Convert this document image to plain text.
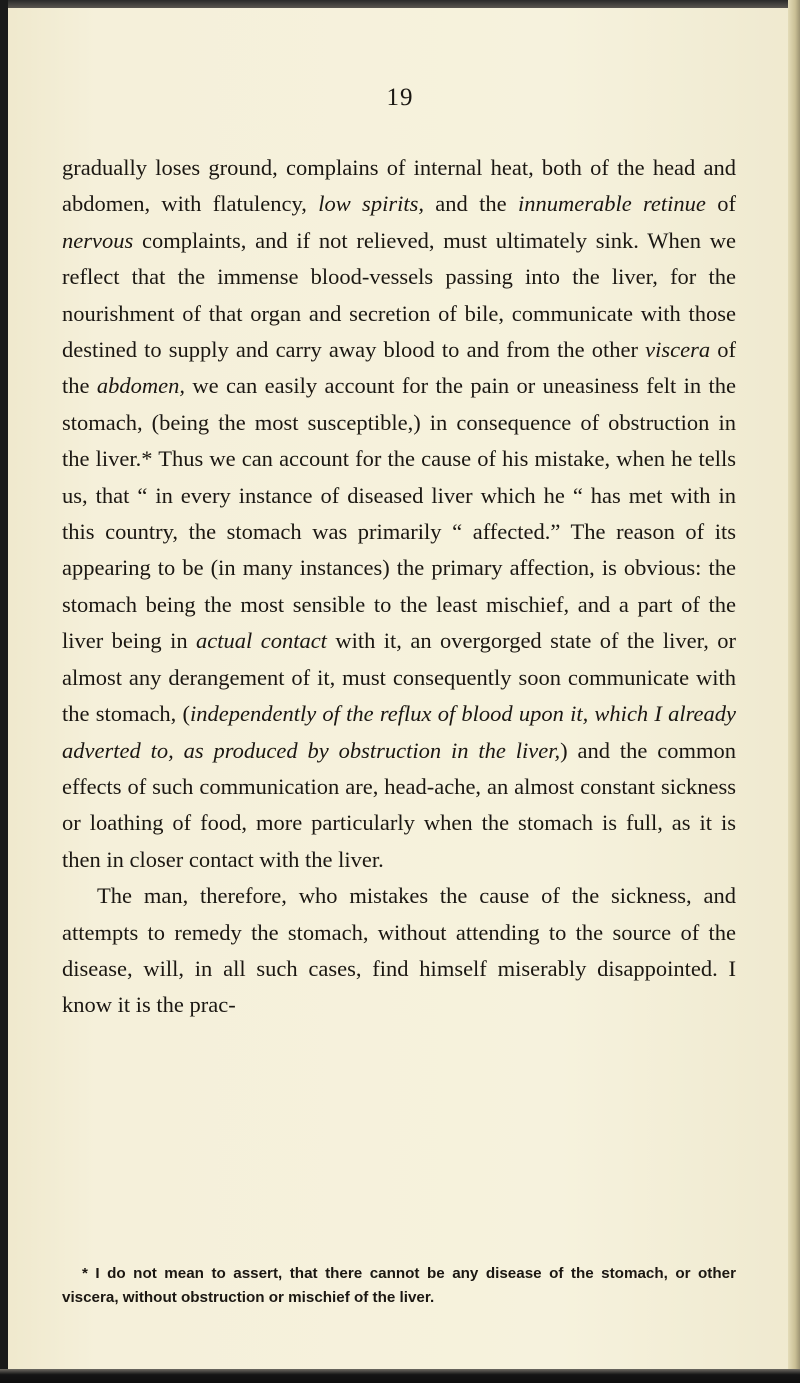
19

gradually loses ground, complains of internal heat, both of the head and abdomen, with flatulency, low spirits, and the innumerable retinue of nervous complaints, and if not relieved, must ultimately sink. When we reflect that the immense blood-vessels passing into the liver, for the nourishment of that organ and secretion of bile, communicate with those destined to supply and carry away blood to and from the other viscera of the abdomen, we can easily account for the pain or uneasiness felt in the stomach, (being the most susceptible,) in consequence of obstruction in the liver.* Thus we can account for the cause of his mistake, when he tells us, that “ in every instance of diseased liver which he “ has met with in this country, the stomach was primarily “ affected.” The reason of its appearing to be (in many instances) the primary affection, is obvious: the stomach being the most sensible to the least mischief, and a part of the liver being in actual contact with it, an overgorged state of the liver, or almost any derangement of it, must consequently soon communicate with the stomach, (independently of the reflux of blood upon it, which I already adverted to, as produced by obstruction in the liver,) and the common effects of such communication are, head-ache, an almost constant sickness or loathing of food, more particularly when the stomach is full, as it is then in closer contact with the liver.

The man, therefore, who mistakes the cause of the sickness, and attempts to remedy the stomach, without attending to the source of the disease, will, in all such cases, find himself miserably disappointed. I know it is the prac-

* I do not mean to assert, that there cannot be any disease of the stomach, or other viscera, without obstruction or mischief of the liver.
